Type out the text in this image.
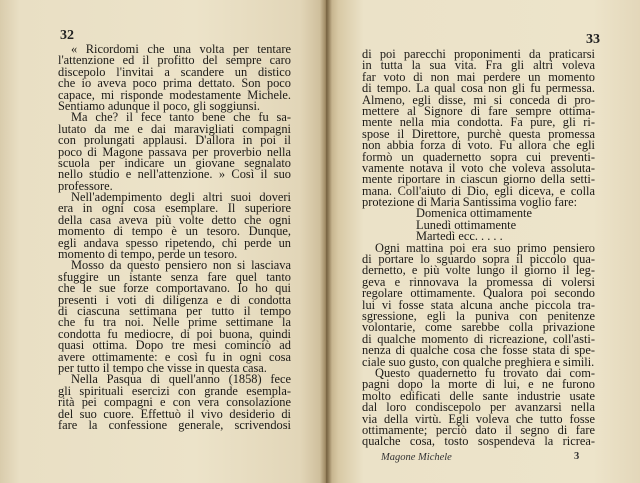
32
« Ricordomi che una volta per tentare
l'attenzione ed il profitto del sempre caro
discepolo l'invitai a scandere un distico
che io aveva poco prima dettato. Son poco
capace, mi risponde modestamente Michele.
Sentiamo adunque il poco, gli soggiunsi.
Ma che? il fece tanto bene che fu sa-
lutato da me e dai maravigliati compagni
con prolungati applausi. D'allora in poi il
poco di Magone passava per proverbio nella
scuola per indicare un giovane segnalato
nello studio e nell'attenzione. » Così il suo
professore.
Nell'adempimento degli altri suoi doveri
era in ogni cosa esemplare. Il superiore
della casa aveva più volte detto che ogni
momento di tempo è un tesoro. Dunque,
egli andava spesso ripetendo, chi perde un
momento di tempo, perde un tesoro.
Mosso da questo pensiero non si lasciava
sfuggire un istante senza fare quel tanto
che le sue forze comportavano. Io ho qui
presenti i voti di diligenza e di condotta
di ciascuna settimana per tutto il tempo
che fu tra noi. Nelle prime settimane la
condotta fu mediocre, di poi buona, quindi
quasi ottima. Dopo tre mesi cominciò ad
avere ottimamente: e così fu in ogni cosa
per tutto il tempo che visse in questa casa.
Nella Pasqua di quell'anno (1858) fece
gli spirituali esercizi con grande esempla-
rità pei compagni e con vera consolazione
del suo cuore. Effettuò il vivo desiderio di
fare la confessione generale, scrivendosi
33
di poi parecchi proponimenti da praticarsi
in tutta la sua vita. Fra gli altri voleva
far voto di non mai perdere un momento
di tempo. La qual cosa non gli fu permessa.
Almeno, egli disse, mi si conceda di pro-
mettere al Signore di fare sempre ottima-
mente nella mia condotta. Fa pure, gli ri-
spose il Direttore, purchè questa promessa
non abbia forza di voto. Fu allora che egli
formò un quadernetto sopra cui preventi-
vamente notava il voto che voleva assoluta-
mente riportare in ciascun giorno della setti-
mana. Coll'aiuto di Dio, egli diceva, e colla
protezione di Maria Santissima voglio fare:
Domenica ottimamente
Lunedì ottimamente
Martedì ecc. . . . .
Ogni mattina poi era suo primo pensiero
di portare lo sguardo sopra il piccolo qua-
dernetto, e più volte lungo il giorno il leg-
geva e rinnovava la promessa di volersi
regolare ottimamente. Qualora poi secondo
lui vi fosse stata alcuna anche piccola tra-
sgressione, egli la puniva con penitenze
volontarie, come sarebbe colla privazione
di qualche momento di ricreazione, coll'asti-
nenza di qualche cosa che fosse stata di spe-
ciale suo gusto, con qualche preghiera e simili.
Questo quadernetto fu trovato dai com-
pagni dopo la morte di lui, e ne furono
molto edificati delle sante industrie usate
dal loro condiscepolo per avanzarsi nella
via della virtù. Egli voleva che tutto fosse
ottimamente; perciò dato il segno di fare
qualche cosa, tosto sospendeva la ricrea-
Magone Michele	3
